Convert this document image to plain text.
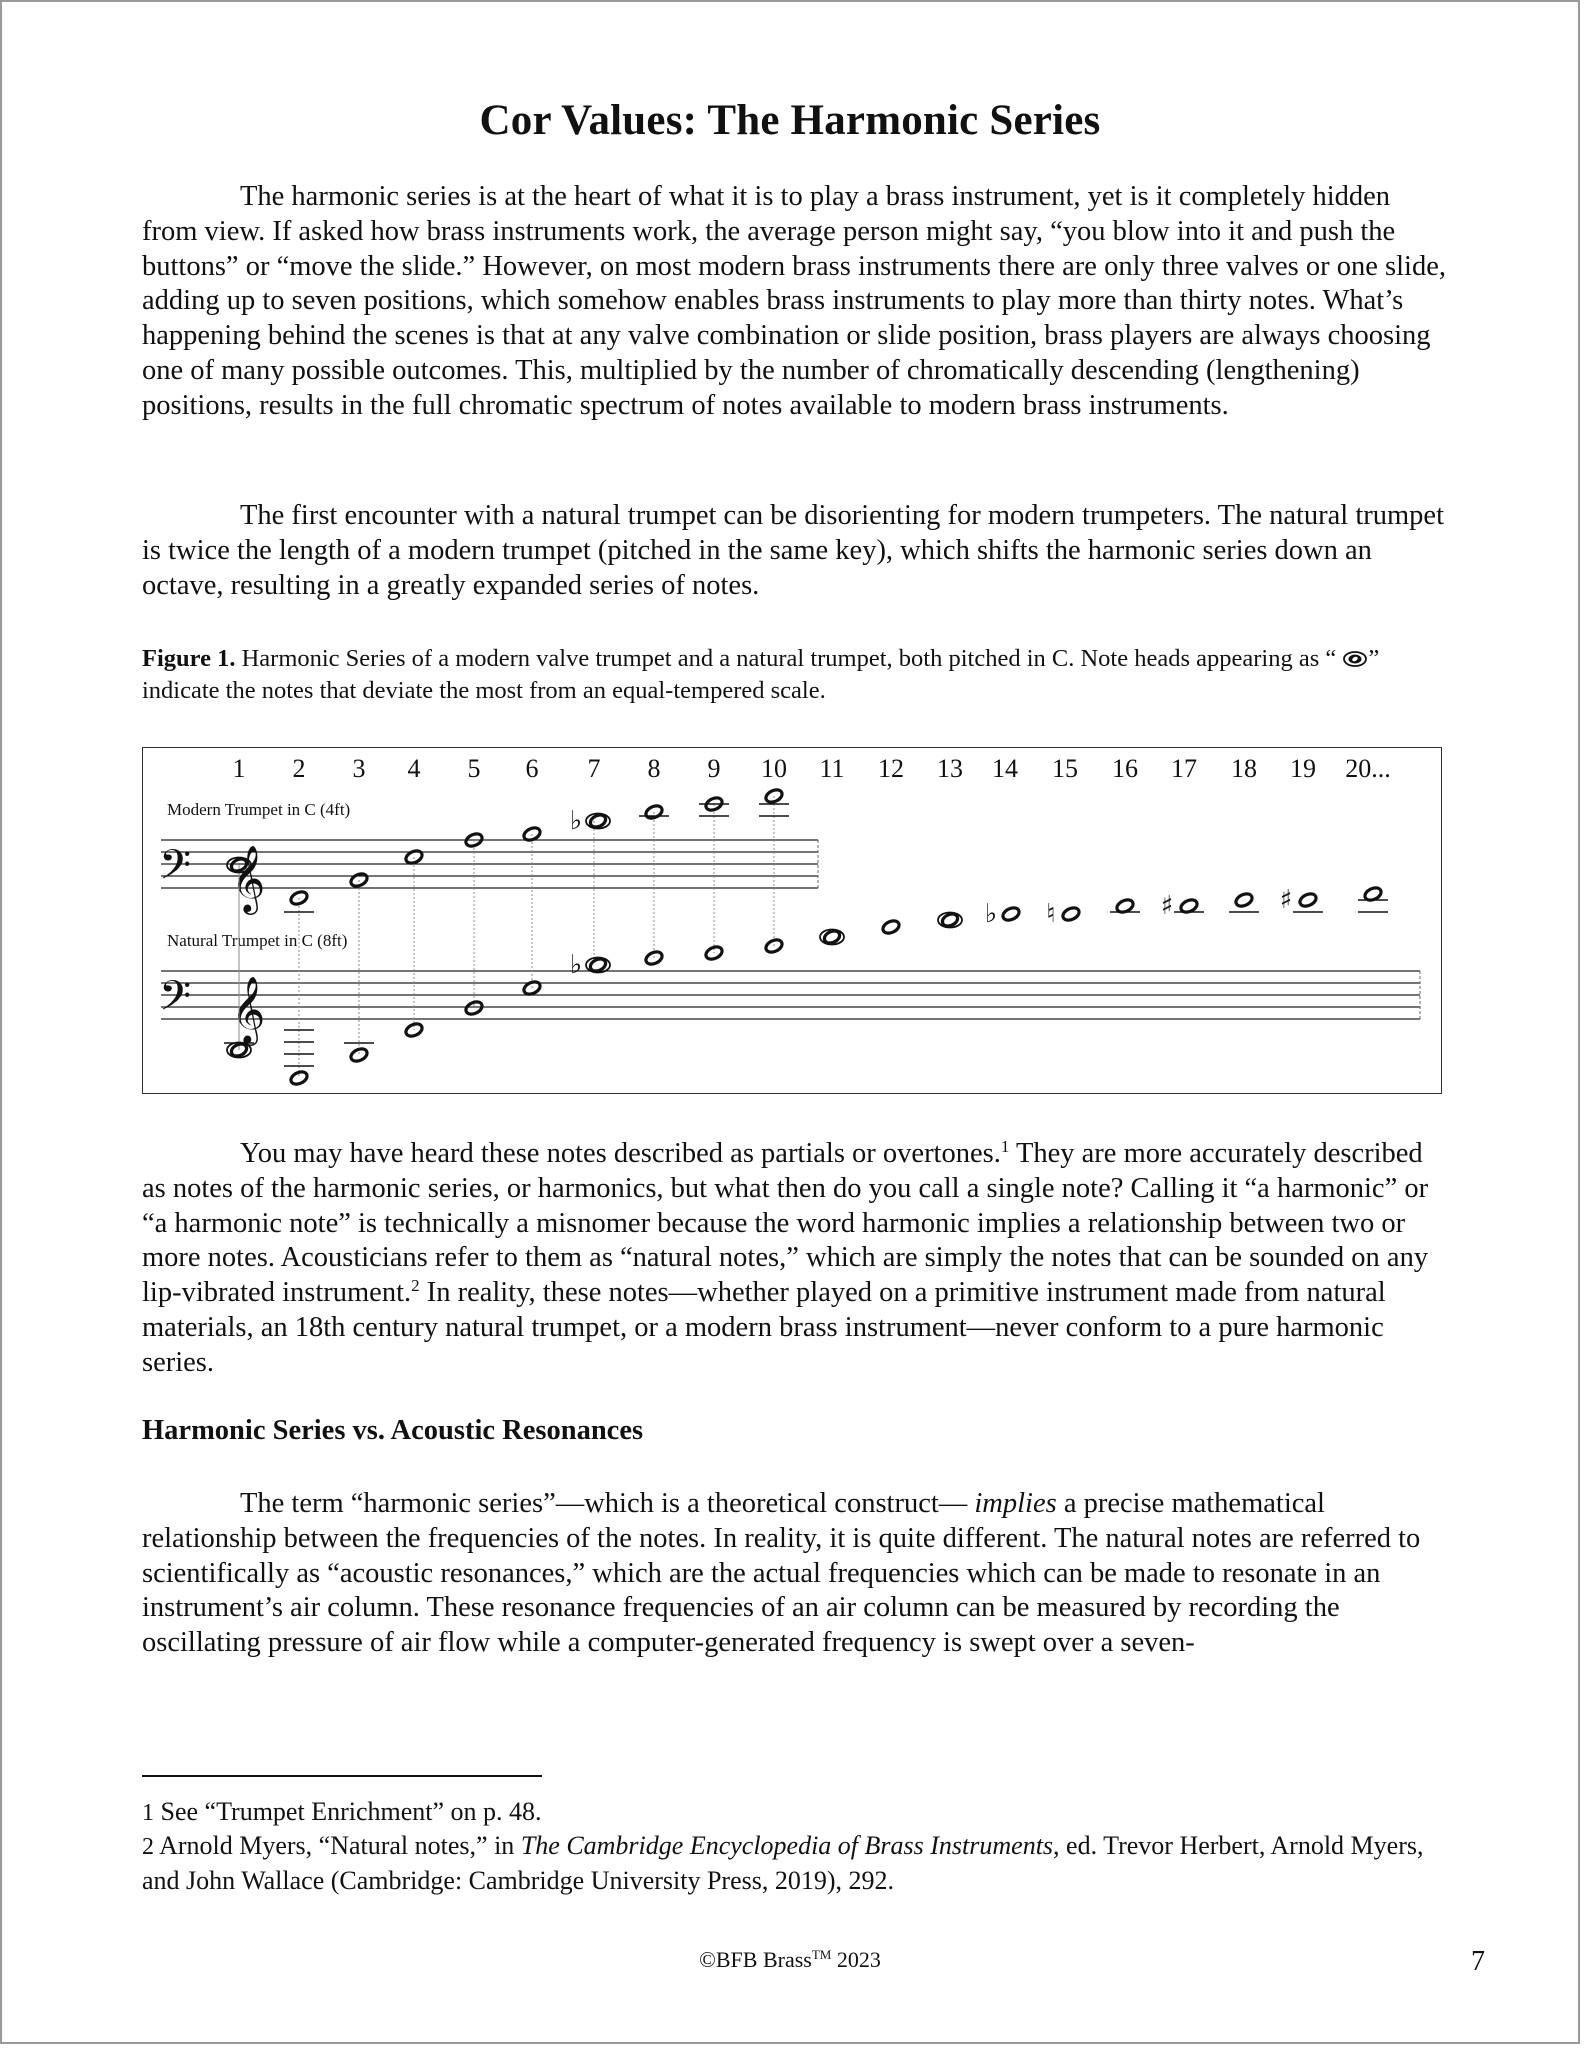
Cor Values: The Harmonic Series

The harmonic series is at the heart of what it is to play a brass instrument, yet is it completely hidden from view. If asked how brass instruments work, the average person might say, “you blow into it and push the buttons” or “move the slide.” However, on most modern brass instruments there are only three valves or one slide, adding up to seven positions, which somehow enables brass instruments to play more than thirty notes. What’s happening behind the scenes is that at any valve combination or slide position, brass players are always choosing one of many possible outcomes. This, multiplied by the number of chromatically descending (lengthening) positions, results in the full chromatic spectrum of notes available to modern brass instruments.

The first encounter with a natural trumpet can be disorienting for modern trumpeters. The natural trumpet is twice the length of a modern trumpet (pitched in the same key), which shifts the harmonic series down an octave, resulting in a greatly expanded series of notes.

Figure 1. Harmonic Series of a modern valve trumpet and a natural trumpet, both pitched in C. Note heads appearing as “ ” indicate the notes that deviate the most from an equal-tempered scale.

1 2 3 4 5 6 7 8 9 10 11 12 13 14 15 16 17 18 19 20...
Modern Trumpet in C (4ft)
Natural Trumpet in C (8ft)
𝄢 𝄞
𝄢 𝄞
♭
♭
♭ ♮	♯	♯

You may have heard these notes described as partials or overtones.$^1$ They are more accurately described as notes of the harmonic series, or harmonics, but what then do you call a single note? Calling it “a harmonic” or “a harmonic note” is technically a misnomer because the word harmonic implies a relationship between two or more notes. Acousticians refer to them as “natural notes,” which are simply the notes that can be sounded on any lip-vibrated instrument.$^2$ In reality, these notes—whether played on a primitive instrument made from natural materials, an 18th century natural trumpet, or a modern brass instrument—never conform to a pure harmonic series.

Harmonic Series vs. Acoustic Resonances

The term “harmonic series”—which is a theoretical construct— implies a precise mathematical relationship between the frequencies of the notes. In reality, it is quite different. The natural notes are referred to scientifically as “acoustic resonances,” which are the actual frequencies which can be made to resonate in an instrument’s air column. These resonance frequencies of an air column can be measured by recording the oscillating pressure of air flow while a computer-generated frequency is swept over a seven-

1 See “Trumpet Enrichment” on p. 48.

2 Arnold Myers, “Natural notes,” in The Cambridge Encyclopedia of Brass Instruments, ed. Trevor Herbert, Arnold Myers, and John Wallace (Cambridge: Cambridge University Press, 2019), 292.

©BFB Brass™ 2023	7
